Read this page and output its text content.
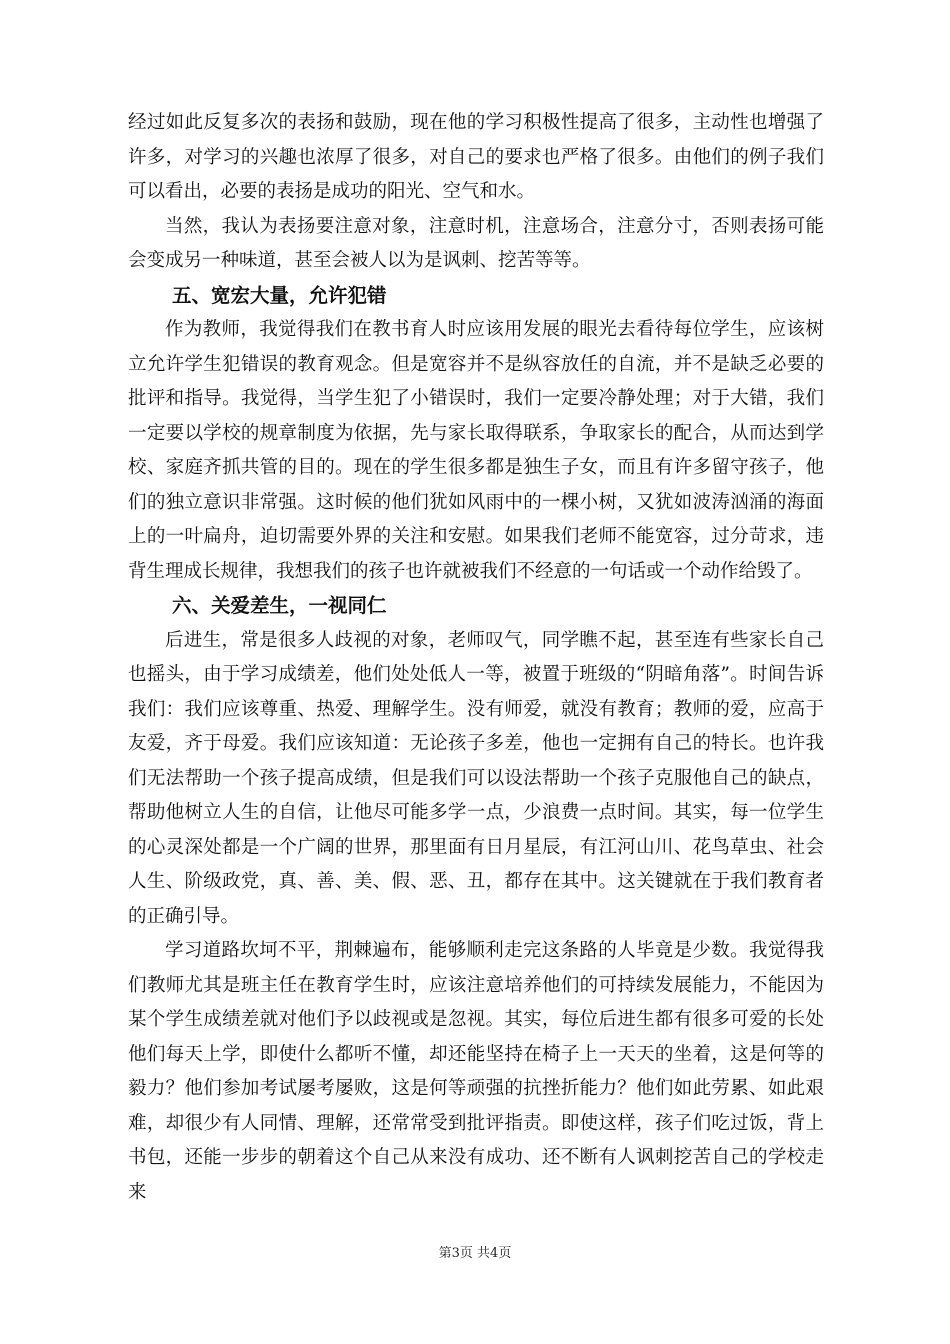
经过如此反复多次的表扬和鼓励，现在他的学习积极性提高了很多，主动性也增强了许多，对学习的兴趣也浓厚了很多，对自己的要求也严格了很多。由他们的例子我们可以看出，必要的表扬是成功的阳光、空气和水。

当然，我认为表扬要注意对象，注意时机，注意场合，注意分寸，否则表扬可能会变成另一种味道，甚至会被人以为是讽刺、挖苦等等。

五、宽宏大量，允许犯错

作为教师，我觉得我们在教书育人时应该用发展的眼光去看待每位学生，应该树立允许学生犯错误的教育观念。但是宽容并不是纵容放任的自流，并不是缺乏必要的批评和指导。我觉得，当学生犯了小错误时，我们一定要冷静处理；对于大错，我们一定要以学校的规章制度为依据，先与家长取得联系，争取家长的配合，从而达到学校、家庭齐抓共管的目的。现在的学生很多都是独生子女，而且有许多留守孩子，他们的独立意识非常强。这时候的他们犹如风雨中的一棵小树，又犹如波涛汹涌的海面上的一叶扁舟，迫切需要外界的关注和安慰。如果我们老师不能宽容，过分苛求，违背生理成长规律，我想我们的孩子也许就被我们不经意的一句话或一个动作给毁了。

六、关爱差生，一视同仁

后进生，常是很多人歧视的对象，老师叹气，同学瞧不起，甚至连有些家长自己也摇头，由于学习成绩差，他们处处低人一等，被置于班级的“阴暗角落”。时间告诉我们：我们应该尊重、热爱、理解学生。没有师爱，就没有教育；教师的爱，应高于友爱，齐于母爱。我们应该知道：无论孩子多差，他也一定拥有自己的特长。也许我们无法帮助一个孩子提高成绩，但是我们可以设法帮助一个孩子克服他自己的缺点，帮助他树立人生的自信，让他尽可能多学一点，少浪费一点时间。其实，每一位学生的心灵深处都是一个广阔的世界，那里面有日月星辰，有江河山川、花鸟草虫、社会人生、阶级政党，真、善、美、假、恶、丑，都存在其中。这关键就在于我们教育者的正确引导。

学习道路坎坷不平，荆棘遍布，能够顺利走完这条路的人毕竟是少数。我觉得我们教师尤其是班主任在教育学生时，应该注意培养他们的可持续发展能力，不能因为某个学生成绩差就对他们予以歧视或是忽视。其实，每位后进生都有很多可爱的长处他们每天上学，即使什么都听不懂，却还能坚持在椅子上一天天的坐着，这是何等的毅力？他们参加考试屡考屡败，这是何等顽强的抗挫折能力？他们如此劳累、如此艰难，却很少有人同情、理解，还常常受到批评指责。即使这样，孩子们吃过饭，背上书包，还能一步步的朝着这个自己从来没有成功、还不断有人讽刺挖苦自己的学校走来

第3页 共4页
